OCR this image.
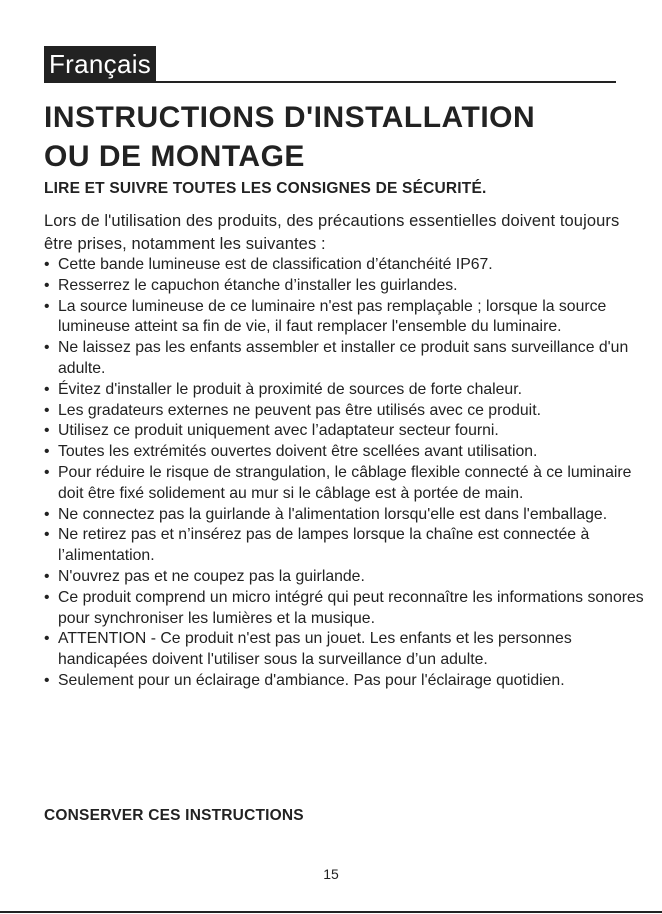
Français
INSTRUCTIONS D'INSTALLATION
OU DE MONTAGE

LIRE ET SUIVRE TOUTES LES CONSIGNES DE SÉCURITÉ.

Lors de l'utilisation des produits, des précautions essentielles doivent toujours être prises, notamment les suivantes :

• Cette bande lumineuse est de classification d’étanchéité IP67.
• Resserrez le capuchon étanche d’installer les guirlandes.
• La source lumineuse de ce luminaire n'est pas remplaçable ; lorsque la source lumineuse atteint sa fin de vie, il faut remplacer l'ensemble du luminaire.
• Ne laissez pas les enfants assembler et installer ce produit sans surveillance d'un adulte.
• Évitez d'installer le produit à proximité de sources de forte chaleur.
• Les gradateurs externes ne peuvent pas être utilisés avec ce produit.
• Utilisez ce produit uniquement avec l’adaptateur secteur fourni.
• Toutes les extrémités ouvertes doivent être scellées avant utilisation.
• Pour réduire le risque de strangulation, le câblage flexible connecté à ce luminaire doit être fixé solidement au mur si le câblage est à portée de main.
• Ne connectez pas la guirlande à l'alimentation lorsqu'elle est dans l'emballage.
• Ne retirez pas et n’insérez pas de lampes lorsque la chaîne est connectée à l’alimentation.
• N'ouvrez pas et ne coupez pas la guirlande.
• Ce produit comprend un micro intégré qui peut reconnaître les informations sonores pour synchroniser les lumières et la musique.
• ATTENTION - Ce produit n'est pas un jouet. Les enfants et les personnes handicapées doivent l'utiliser sous la surveillance d’un adulte.
• Seulement pour un éclairage d'ambiance. Pas pour l'éclairage quotidien.

CONSERVER CES INSTRUCTIONS

15
